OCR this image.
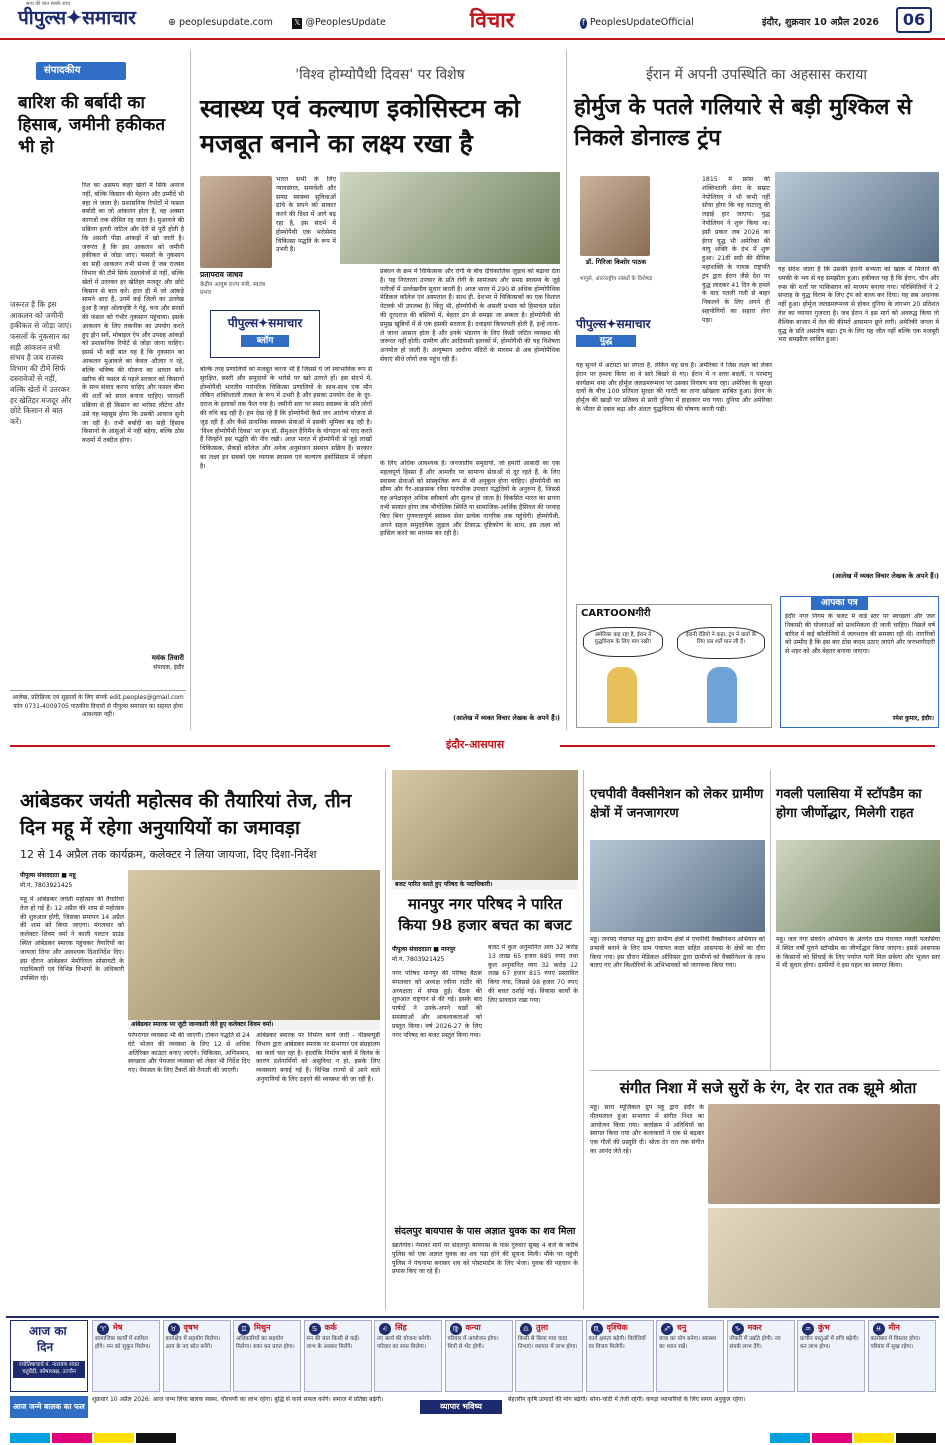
सत्य की बात सबके साथ
पीपुल्स✦समाचार	⊕ peoplesupdate.com	𝕏 @PeoplesUpdate	विचार	f PeoplesUpdateOfficial	इंदौर, शुक्रवार 10 अप्रैल 2026	06
संपादकीय
बारिश की बर्बादी का हिसाब, जमीनी हकीकत भी हो
जरूरत है कि इस आकलन को जमीनी हकीकत से जोड़ा जाए। फसलों के नुकसान का सही आंकलन तभी संभव है जब राजस्व विभाग की टीमें सिर्फ दस्तावेजों से नहीं, बल्कि खेतों में उतरकर हर खेतिहर मजदूर और छोटे किसान से बात करें।
रिश का असमय कहर खेतों में सिर्फ अनाज नहीं, बल्कि किसान की मेहनत और उम्मीदें भी बहा ले जाता है। प्रशासनिक रिपोर्टों में फसल बर्बादी का जो आंकलन होता है, वह अक्सर कागजों तक सीमित रह जाता है। मुआवजे की प्रक्रिया इतनी जटिल और देरी से पूरी होती है कि असली पीड़ा आंकड़ों में खो जाती है। जरूरत है कि इस आकलन को जमीनी हकीकत से जोड़ा जाए। फसलों के नुकसान का सही आकलन तभी संभव है जब राजस्व विभाग की टीमें सिर्फ दस्तावेजों से नहीं, बल्कि खेतों में उतरकर हर खेतिहर मजदूर और छोटे किसान से बात करें। हाल ही में जो आंकड़े सामने आए हैं, उनमें कई जिलों का उल्लेख हुआ है जहां ओलावृष्टि ने गेहूं, चना और सरसों की फसल को गंभीर नुकसान पहुंचाया। इसके आकलन के लिए तकनीक का उपयोग करते हुए ड्रोन सर्वे, मोबाइल ऐप और उपग्रह आंकड़ों को प्रशासनिक रिपोर्ट से जोड़ा जाना चाहिए। इससे भी बड़ी बात यह है कि नुकसान का आकलन मुआवजे का केवल औजार न रहे, बल्कि भविष्य की योजना का आधार बने। खरीफ की फसल से पहले सरकार को किसानों के साथ संवाद करना चाहिए और फसल बीमा की शर्तों को सरल बनाना चाहिए। पारदर्शी प्रक्रिया से ही किसान का भरोसा लौटेगा और उसे यह महसूस होगा कि उसकी आवाज सुनी जा रही है। तभी बर्बादी का सही हिसाब किसानों के आंसुओं में नहीं बहेगा, बल्कि ठोस कदमों में तब्दील होगा।
मयंक तिवारी
संपादक, इंदौर
आलेख, प्रतिक्रिया एवं सुझावों के लिए संपर्क edit.peoples@gmail.com फोन 0731-4009705 पाठकीय विचारों से पीपुल्स समाचार का सहमत होना आवश्यक नहीं।
'विश्व होम्योपैथी दिवस' पर विशेष
स्वास्थ्य एवं कल्याण इकोसिस्टम को मजबूत बनाने का लक्ष्य रखा है
प्रतापराव जाधव
केंद्रीय आयुष राज्य मंत्री, स्वतंत्र प्रभार
भारत सभी के लिए न्यायसंगत, समावेशी और समग्र स्वास्थ्य सुविधाओं ढांचे के सपने को साकार करने की दिशा में आगे बढ़ रहा है, इस संदर्भ में होम्योपैथी एक भरोसेमंद चिकित्सा पद्धति के रूप में उभरी है।
पीपुल्स✦समाचार
ब्लॉग
बल्कि तरह प्रणालियों को मजबूत करना भी है जिससे ये जो स्वाभाविक रूप से सुरक्षित, सस्ती और समुदायों के भरोसे पर खरे उतरते हों। इस संदर्भ में, होम्योपैथी भारतीय पारंपरिक चिकित्सा प्रणालियों के साथ-साथ एक मौन लेकिन शक्तिशाली ताकत के रूप में उभरी है और इसका उपयोग देश के दूर-दराज के इलाकों तक फैल गया है। जमीनी स्तर पर समग्र स्वास्थ्य के प्रति लोगों की रुचि बढ़ रही है। हम देख रहे हैं कि होम्योपैथी कैसे जन आरोग्य योजना से जुड़ रही है और कैसे प्राथमिक स्वास्थ्य सेवाओं में इसकी भूमिका बढ़ रही है। 'विश्व होम्योपैथी दिवस' पर हम डॉ. सैमुअल हैनिमैन के योगदान को याद करते हैं जिन्होंने इस पद्धति की नींव रखी। आज भारत में होम्योपैथी से जुड़े लाखों चिकित्सक, सैकड़ों कॉलेज और अनेक अनुसंधान संस्थान सक्रिय हैं। सरकार का लक्ष्य इन सबको एक व्यापक स्वास्थ्य एवं कल्याण इकोसिस्टम में जोड़ना है।
प्रबंधन के क्रम में चिकित्सक और रोगी के बीच दीर्घकालिक जुड़ाव को बढ़ावा देता है। यह निरंतरता उपचार के प्रति रोगी के सामंजस्य और समग्र स्वास्थ्य के जुड़े नतीजों में उल्लेखनीय सुधार करती है। आज भारत में 290 से अधिक होम्योपैथिक मेडिकल कॉलेज एवं अस्पताल हैं। साथ ही, देशभर में चिकित्सकों का एक विशाल नेटवर्क भी उपलब्ध है। किंतु भी, होम्योपैथी के असली प्रभाव को हिमाचल प्रदेश की दूरदराज की बस्तियों में, बेहतर ढंग से समझा जा सकता है। होम्योपैथी की प्रमुख खूबियों में से एक इसकी सरलता है। दवाइयां किफायती होती हैं, इन्हें लाना-ले जाना आसान होता है और इनके भंडारण के लिए किसी जटिल व्यवस्था की जरूरत नहीं होती। ग्रामीण और आदिवासी इलाकों में, होम्योपैथी की यह विशेषता अनमोल हो जाती है। आयुष्मान आरोग्य मंदिरों के माध्यम से अब होम्योपैथिक सेवाएं सीधे लोगों तक पहुंच रही हैं।
के लिए अधिक आवश्यक है। जनजातीय समुदायों, जो हमारी आबादी का एक महत्वपूर्ण हिस्सा हैं और आमतौर पर सामान्य सेवाओं से दूर रहते हैं, के लिए स्वास्थ्य सेवाओं को सांस्कृतिक रूप से भी अनुकूल होना चाहिए। होम्योपैथी का सौम्य और गैर-आक्रामक रवैया पारंपरिक उपचार पद्धतियों के अनुरूप है, जिससे यह अपेक्षाकृत अधिक स्वीकार्य और सुलभ हो जाता है। विकसित भारत का सपना तभी साकार होगा जब भौगोलिक स्थिति या सामाजिक-आर्थिक हैसियत की परवाह किए बिना गुणवत्तापूर्ण स्वास्थ्य सेवा प्रत्येक नागरिक तक पहुंचेगी। होम्योपैथी, अपने सहज समुदायिक जुड़ाव और टिकाऊ दृष्टिकोण के साथ, इस लक्ष्य को हासिल करने का माध्यम बन रही है।
(आलेख में व्यक्त विचार लेखक के अपने हैं।)
ईरान में अपनी उपस्थिति का अहसास कराया
होर्मुज के पतले गलियारे से बड़ी मुश्किल से निकले डोनाल्ड ट्रंप
डॉ. गिरिजा किशोर पाठक
भापुसे, अंतरराष्ट्रीय संबंधों के विशेषज्ञ
1815 में फ्रांस की शक्तिशाली सेना के सम्राट नेपोलियन ने भी कभी नहीं सोचा होगा कि वह वाटरलू की लड़ाई हार जाएगा। युद्ध नेपोलियन ने शुरू किया था। इसी प्रकार जब 2026 का ईरान युद्ध भी अमेरिका की वायु शक्ति के दंभ में शुरू हुआ। 21वीं सदी की सैनिक महाशक्ति के नायक राष्ट्रपति ट्रंप द्वारा ईरान जैसे देश पर युद्ध लादकर 41 दिन के हमले के बाद पतली गली से बाहर निकलने के लिए अपने ही सहयोगियों का सहारा लेना पड़ा।
पीपुल्स✦समाचार
युद्ध
यह सुनने में अटपटा सा लगता है, लेकिन यह सच है। अमेरिका ने जिस लक्ष्य को लेकर ईरान पर हमला किया था वे सारे बिखरे से गए। ईरान में न सत्ता बदली, न परमाणु कार्यक्रम थमा और होर्मुज जलडमरूमध्य पर उसका नियंत्रण बना रहा। अमेरिका के सुरक्षा दावों के बीच 100 प्रतिशत सुरक्षा की गारंटी का ताना खोखला साबित हुआ। ईरान के होर्मुज की खाड़ी पर प्रतिबंध से सारी दुनिया में हाहाकार मच गया। दुनिया और अमेरिका के भीतर से दबाव बढ़ा और अंततः युद्धविराम की घोषणा करनी पड़ी।
यह संदेश जाता है कि उसकी ईरानी सभ्यता को खाक में मिलाने की धमकी के भय से वह समझौता हुआ। हकीकत यह है कि ईरान, चीन और रूस की शर्तों पर पाकिस्तान को माध्यम बनाया गया। परिस्थितियों ने 2 सप्ताह के युद्ध विराम के लिए ट्रंप को बाध्य कर दिया। यह सब अचानक नहीं हुआ। होर्मुज जलडमरूमध्य से होकर दुनिया के लगभग 20 प्रतिशत तेल का व्यापार गुजरता है। जब ईरान ने इस मार्ग को अवरुद्ध किया तो वैश्विक बाजार में तेल की कीमतें आसमान छूने लगीं। अमेरिकी जनता में युद्ध के प्रति असंतोष बढ़ा। ट्रंप के लिए यह जीत नहीं बल्कि एक मजबूरी भरा समझौता साबित हुआ।
(आलेख में व्यक्त विचार लेखक के अपने हैं।)
CARTOONगीरी
अमेरिका कह रहा है, ईरान ने युद्धविराम के लिए मांग रखी!
ईरानी रेडियो ने कहा, ट्रंप ने वार्ता के लिए दस शर्तें मान ली हैं।
आपका पत्र
इंदौर नगर निगम के बजट में वार्ड स्तर पर स्वच्छता और जल निकासी की योजनाओं को प्राथमिकता दी जानी चाहिए। पिछले वर्ष बारिश में कई कॉलोनियों में जलभराव की समस्या रही थी। नागरिकों को उम्मीद है कि इस बार ठोस कदम उठाए जाएंगे और जनभागीदारी से शहर को और बेहतर बनाया जाएगा।
रमेश कुमार, इंदौर।
इंदौर-आसपास
आंबेडकर जयंती महोत्सव की तैयारियां तेज, तीन दिन महू में रहेगा अनुयायियों का जमावड़ा
12 से 14 अप्रैल तक कार्यक्रम, कलेक्टर ने लिया जायजा, दिए दिशा-निर्देश
पीपुल्स संवाददाता ■ महू
मो.नं. 7803921425
महू में आंबेडकर जयंती महोत्सव की तैयारियां तेज हो गई हैं। 12 अप्रैल की शाम से महोत्सव की शुरुआत होगी, जिसका समापन 14 अप्रैल की शाम को किया जाएगा। मंगलवार को कलेक्टर शिवम वर्मा ने काली पलटन ग्राउंड स्थित आंबेडकर स्मारक पहुंचकर तैयारियों का जायजा लिया और आवश्यक दिशानिर्देश दिए। इस दौरान आंबेडकर मेमोरियल सोसायटी के पदाधिकारी एवं विभिन्न विभागों के अधिकारी उपस्थित रहे।
आंबेडकर स्मारक पर जुटी जानकारी लेते हुए कलेक्टर शिवम वर्मा।
परंपरागत व्यवस्था भी की जाएगी। टोकन पद्धति से 24 घंटे भोजन की व्यवस्था के लिए 12 से अधिक अतिरिक्त काउंटर बनाए जाएंगे। चिकित्सा, अग्निशमन, स्वच्छता और पेयजल व्यवस्था को लेकर भी निर्देश दिए गए। पेयजल के लिए टैंकरों की तैनाती की जाएगी।
आंबेडकर स्मारक पर निर्माण कार्य जारी - पीडब्ल्यूडी विभाग द्वारा आंबेडकर स्मारक पर सभागार एवं संग्रहालय का कार्य चल रहा है। हालांकि निर्माण कार्य में विलंब के कारण दर्शनार्थियों को असुविधा न हो, इसके लिए व्यवस्थाएं बनाई गई हैं। विभिन्न राज्यों से आने वाले अनुयायियों के लिए ठहरने की व्यवस्था की जा रही है।
बजट पारित करते हुए परिषद के पदाधिकारी।
मानपुर नगर परिषद ने पारित किया 98 हजार बचत का बजट
पीपुल्स संवाददाता ■ मानपुर
मो.नं. 7803921425
नगर परिषद मानपुर की परिषद बैठक मंगलवार को अध्यक्ष रवीना राठौर की अध्यक्षता में संपन्न हुई। बैठक की शुरुआत राष्ट्रगान से की गई। इसके बाद पार्षदों ने उनके-अपने वार्डों की समस्याओं और आवश्यकताओं को प्रस्तुत किया। वर्ष 2026-27 के लिए नगर परिषद का बजट प्रस्तुत किया गया।
बजट में कुल अनुमानित आय 32 करोड़ 13 लाख 65 हजार 885 रुपए तथा कुल अनुमानित व्यय 32 करोड़ 12 लाख 67 हजार 815 रुपए प्रस्तावित किया गया, जिससे 98 हजार 70 रुपए की बचत दर्शाई गई। विकास कार्यों के लिए प्रावधान रखा गया।
संदलपुर बायपास के पास अज्ञात युवक का शव मिला
खातेगांव। नेमावर मार्ग पर संदलपुर बायपास के पास गुरुवार सुबह 4 बजे के करीब पुलिस को एक अज्ञात युवक का शव पड़ा होने की सूचना मिली। मौके पर पहुंची पुलिस ने पंचनामा बनाकर शव को पोस्टमार्टम के लिए भेजा। युवक की पहचान के प्रयास किए जा रहे हैं।
एचपीवी वैक्सीनेशन को लेकर ग्रामीण क्षेत्रों में जनजागरण
महू। जनपद पंचायत महू द्वारा ग्रामीण क्षेत्रों में एचपीवी वैक्सीनेशन अभियान को प्रभावी बनाने के लिए ग्राम पंचायत कदर सहित आसपास के क्षेत्रों का दौरा किया गया। इस दौरान मेडिकल ऑफिसर द्वारा ग्रामीणों को वैक्सीनेशन के लाभ बताए गए और किशोरियों के अभिभावकों को जागरूक किया गया।
गवली पलासिया में स्टॉपडैम का होगा जीर्णोद्धार, मिलेगी राहत
महू। जल गंगा संवर्धन अभियान के अंतर्गत ग्राम पंचायत गवली पलासिया में स्थित वर्षों पुराने स्टॉपडैम का जीर्णोद्धार किया जाएगा। इससे आसपास के किसानों को सिंचाई के लिए पर्याप्त पानी मिल सकेगा और भूजल स्तर में भी सुधार होगा। ग्रामीणों ने इस पहल का स्वागत किया।
संगीत निशा में सजे सुरों के रंग, देर रात तक झूमे श्रोता
महू। सारा म्यूजिकल ग्रुप महू द्वारा इंदौर के पीतमलाल हुआ सभागार में संगीत निशा का आयोजन किया गया। कार्यक्रम में अतिथियों का स्वागत किया गया और कलाकारों ने एक से बढ़कर एक गीतों की प्रस्तुति दी। श्रोता देर रात तक संगीत का आनंद लेते रहे।
आज का
दिन
ज्योतिषाचार्य पं. नारायण शंकर चतुर्वेदी, कोषाध्यक्ष, उज्जैन
♈ मेष
सामाजिक कार्यों में शामिल होंगे। मन को सुकून मिलेगा।
♉ वृषभ
कार्यक्षेत्र में सहयोग मिलेगा। आय के नए स्रोत बनेंगे।
♊ मिथुन
अधिकारियों का सहयोग मिलेगा। रुका धन प्राप्त होगा।
♋ कर्क
मन की बात किसी से कहें। लाभ के अवसर मिलेंगे।
♌ सिंह
नए कार्य की योजना बनेगी। परिवार का साथ मिलेगा।
♍ कन्या
परिवार में आयोजन होगा। मित्रों से भेंट होगी।
♎ तुला
किसी से किया गया वादा निभाएं। व्यापार में लाभ होगा।
♏ वृश्चिक
कार्य क्षमता बढ़ेगी। विरोधियों पर विजय मिलेगी।
♐ धनु
यात्रा का योग बनेगा। स्वास्थ्य का ध्यान रखें।
♑ मकर
नौकरी में उन्नति होगी। नए संपर्क लाभ देंगे।
♒ कुंभ
प्राचीन वस्तुओं में रुचि बढ़ेगी। धन लाभ होगा।
♓ मीन
कारोबार में विस्तार होगा। परिवार में सुख रहेगा।
आज जन्मे बालक का फल
शुक्रवार 10 अप्रैल 2026: आज जन्म लिया बालक स्वस्थ, चौरपणी का लाभ रहेगा। बुद्धि से कार्य सफल करेंगे। समाज में प्रतिष्ठा बढ़ेगी।
व्यापार भविष्य
बेहतरीन कृषि उत्पादों की मांग बढ़ेगी। सोना-चांदी में तेजी रहेगी। कपड़ा व्यापारियों के लिए समय अनुकूल रहेगा।
